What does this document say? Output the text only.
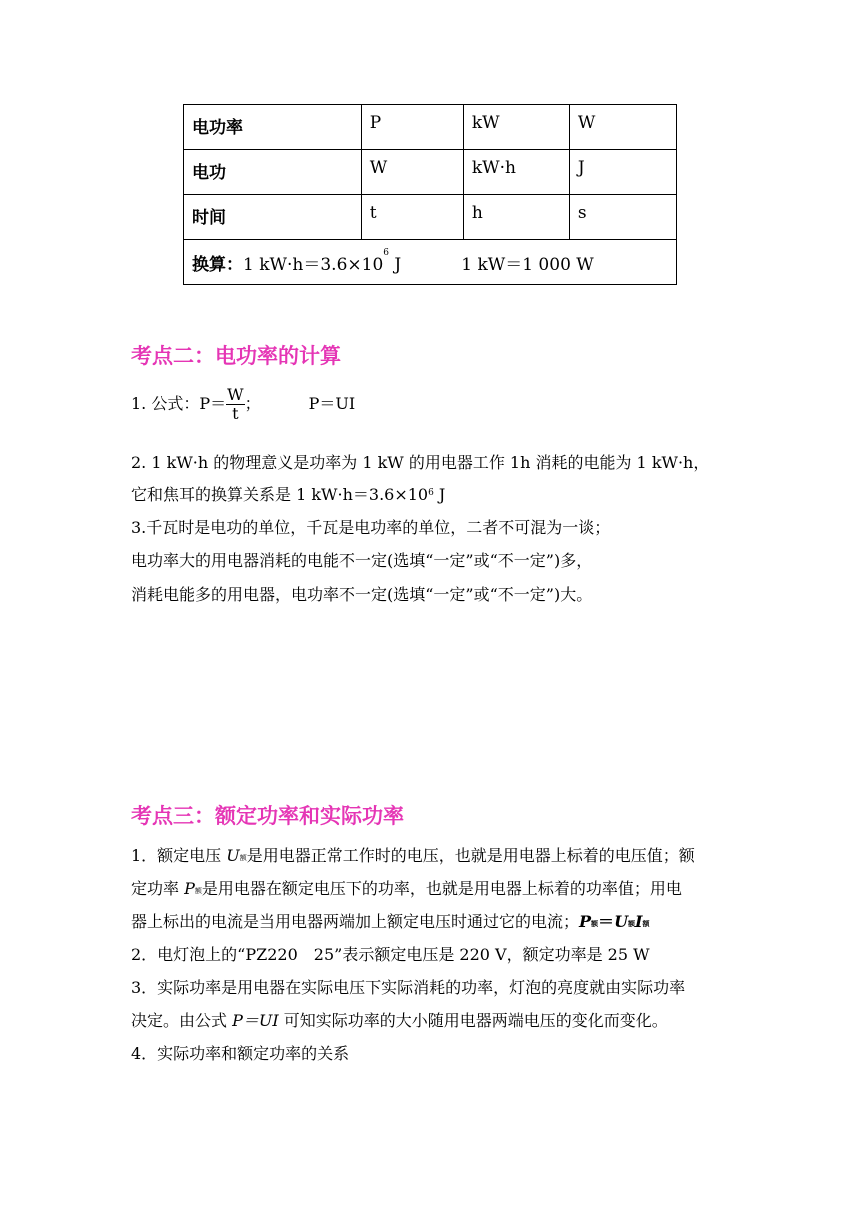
电功率	P	kW	W
电功	W	kW·h	J
时间	t	h	s
换算：1 $kW\cdot h=3.6\times 10^6$ J 1 kW＝1 000 W			
考点二：电功率的计算
1. 公式：$P= \frac{W}{t}$ ；	P＝UI
2. 1 kW·h 的物理意义是功率为 1 kW 的用电器工作 1h 消耗的电能为 1 kW·h，
它和焦耳的换算关系是 1 $kW\cdot h=3.6\times 10^6$ J
3.千瓦时是电功的单位，千瓦是电功率的单位，二者不可混为一谈；
电功率大的用电器消耗的电能不一定(选填“一定”或“不一定”)多，
消耗电能多的用电器，电功率不一定(选填“一定”或“不一定”)大。
考点三：额定功率和实际功率
1．额定电压 $U_额$是用电器正常工作时的电压，也就是用电器上标着的电压值；额
定功率 $P_额$是用电器在额定电压下的功率，也就是用电器上标着的功率值；用电
器上标出的电流是当用电器两端加上额定电压时通过它的电流；$P_额=U_额I_额$
2．电灯泡上的“PZ220　25”表示额定电压是 220 V，额定功率是 25 W
3．实际功率是用电器在实际电压下实际消耗的功率，灯泡的亮度就由实际功率
决定。由公式 P＝UI 可知实际功率的大小随用电器两端电压的变化而变化。
4．实际功率和额定功率的关系
